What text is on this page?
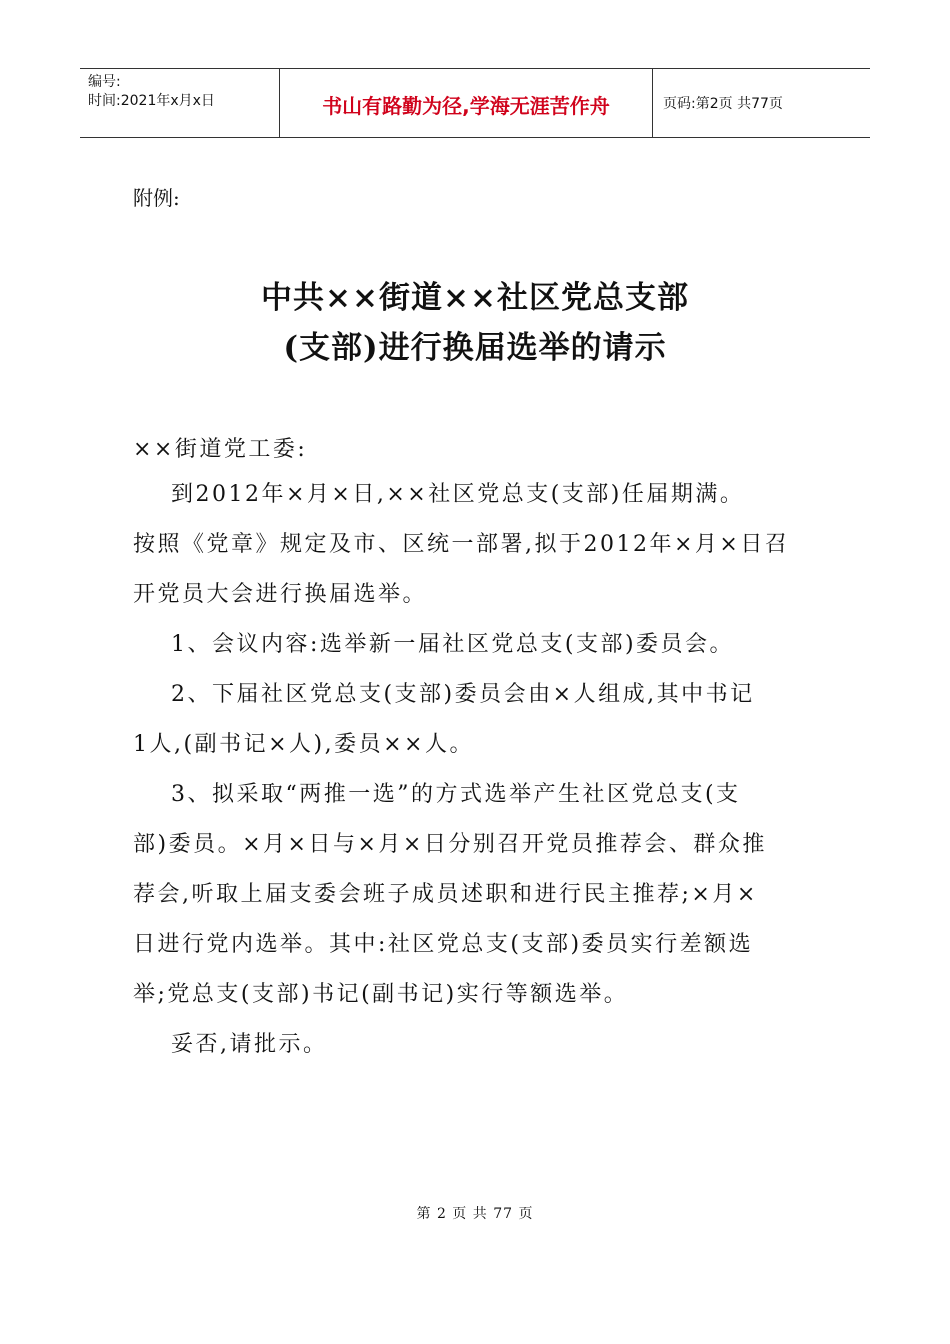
编号:
时间:2021年x月x日	书山有路勤为径,学海无涯苦作舟	页码:第2页 共77页
附例:
中共××街道××社区党总支部
(支部)进行换届选举的请示
××街道党工委:
到2012年×月×日,××社区党总支(支部)任届期满。
按照《党章》规定及市、区统一部署,拟于2012年×月×日召
开党员大会进行换届选举。
1、会议内容:选举新一届社区党总支(支部)委员会。
2、下届社区党总支(支部)委员会由×人组成,其中书记
1人,(副书记×人),委员××人。
3、拟采取“两推一选”的方式选举产生社区党总支(支
部)委员。×月×日与×月×日分别召开党员推荐会、群众推
荐会,听取上届支委会班子成员述职和进行民主推荐;×月×
日进行党内选举。其中:社区党总支(支部)委员实行差额选
举;党总支(支部)书记(副书记)实行等额选举。
妥否,请批示。
第 2 页 共 77 页
